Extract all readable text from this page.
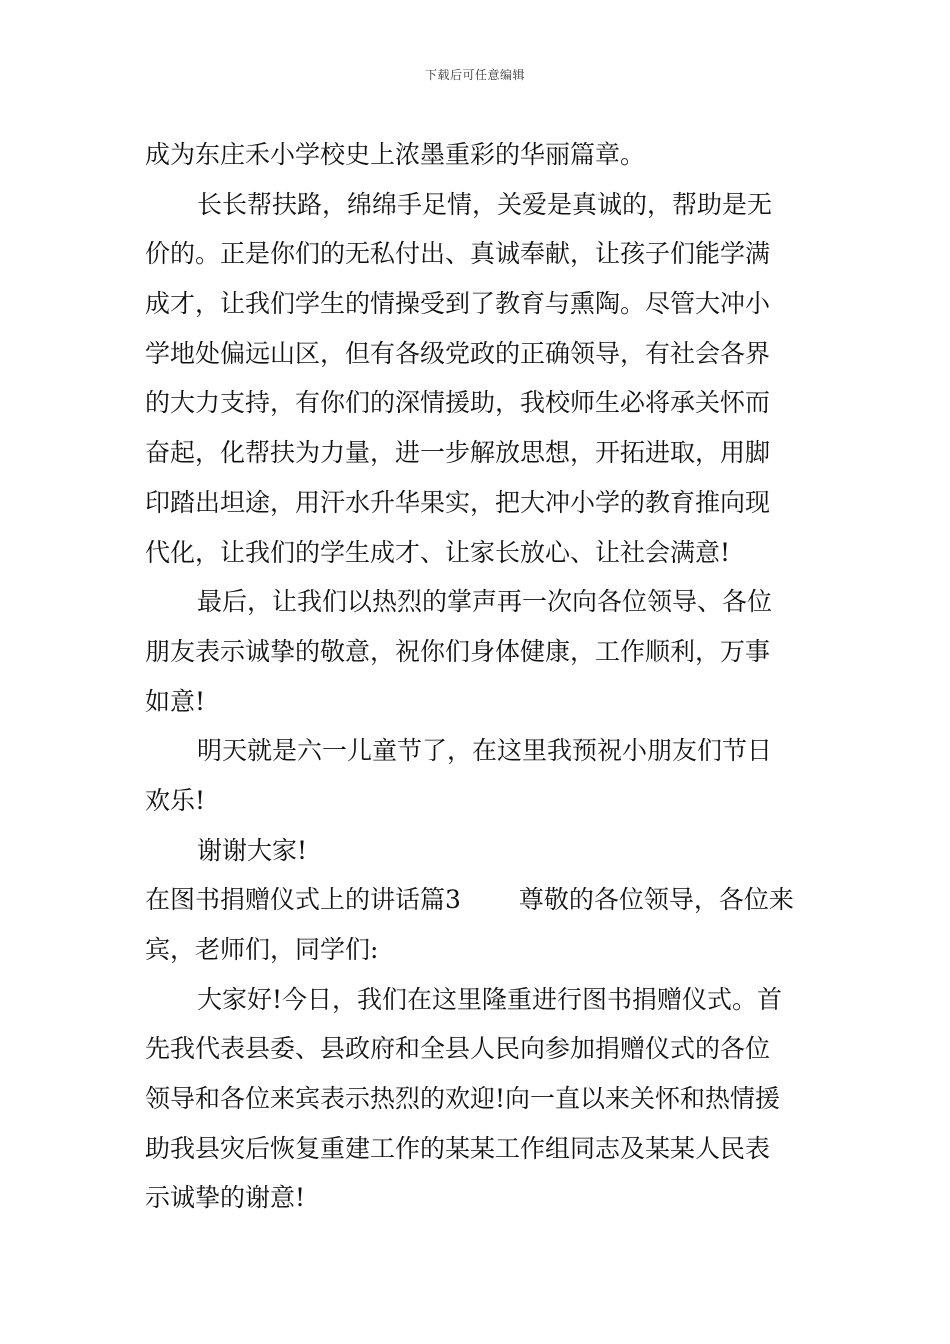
下载后可任意编辑
成为东庄禾小学校史上浓墨重彩的华丽篇章。
长长帮扶路，绵绵手足情，关爱是真诚的，帮助是无
价的。正是你们的无私付出、真诚奉献，让孩子们能学满
成才，让我们学生的情操受到了教育与熏陶。尽管大冲小
学地处偏远山区，但有各级党政的正确领导，有社会各界
的大力支持，有你们的深情援助，我校师生必将承关怀而
奋起，化帮扶为力量，进一步解放思想，开拓进取，用脚
印踏出坦途，用汗水升华果实，把大冲小学的教育推向现
代化，让我们的学生成才、让家长放心、让社会满意!
最后，让我们以热烈的掌声再一次向各位领导、各位
朋友表示诚挚的敬意，祝你们身体健康，工作顺利，万事
如意!
明天就是六一儿童节了，在这里我预祝小朋友们节日
欢乐!
谢谢大家!
在图书捐赠仪式上的讲话篇3 尊敬的各位领导，各位来
宾，老师们，同学们:
大家好!今日，我们在这里隆重进行图书捐赠仪式。首
先我代表县委、县政府和全县人民向参加捐赠仪式的各位
领导和各位来宾表示热烈的欢迎!向一直以来关怀和热情援
助我县灾后恢复重建工作的某某工作组同志及某某人民表
示诚挚的谢意!
